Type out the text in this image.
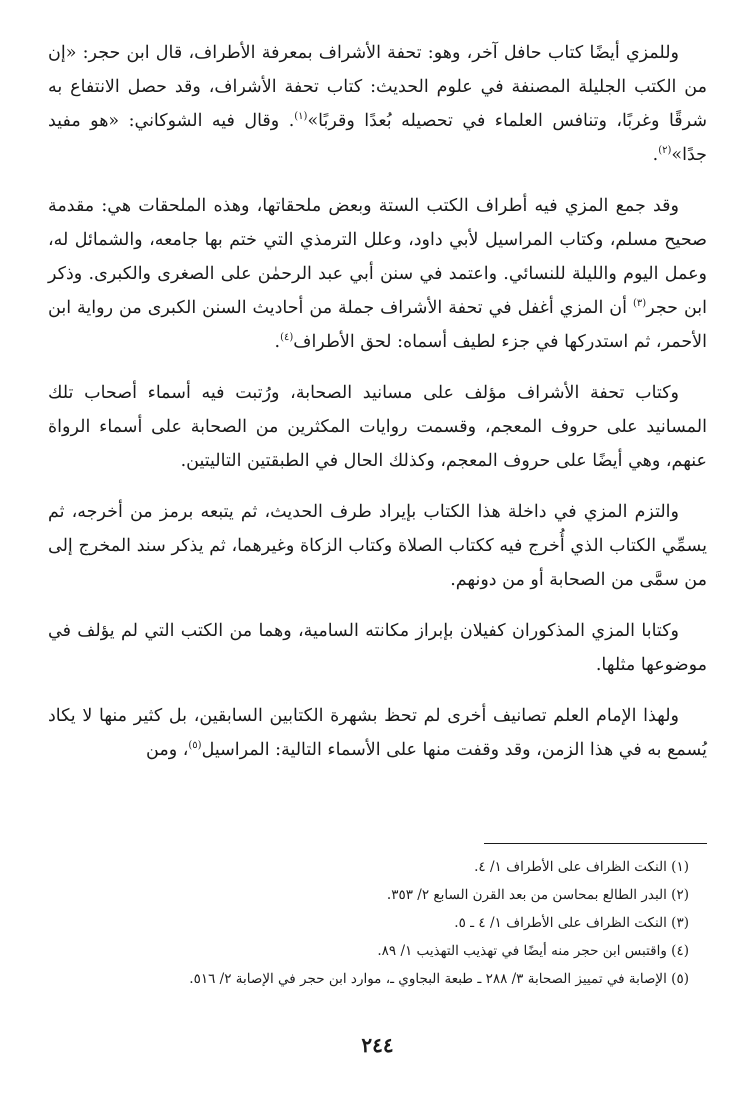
وللمزي أيضًا كتاب حافل آخر، وهو: تحفة الأشراف بمعرفة الأطراف، قال ابن حجر: «إن من الكتب الجليلة المصنفة في علوم الحديث: كتاب تحفة الأشراف، وقد حصل الانتفاع به شرقًا وغربًا، وتنافس العلماء في تحصيله بُعدًا وقربًا»$^{(١)}$. وقال فيه الشوكاني: «هو مفيد جدًا»$^{(٢)}$.

وقد جمع المزي فيه أطراف الكتب الستة وبعض ملحقاتها، وهذه الملحقات هي: مقدمة صحيح مسلم، وكتاب المراسيل لأبي داود، وعلل الترمذي التي ختم بها جامعه، والشمائل له، وعمل اليوم والليلة للنسائي. واعتمد في سنن أبي عبد الرحمٰن على الصغرى والكبرى. وذكر ابن حجر$^{(٣)}$ أن المزي أغفل في تحفة الأشراف جملة من أحاديث السنن الكبرى من رواية ابن الأحمر، ثم استدركها في جزء لطيف أسماه: لحق الأطراف$^{(٤)}$.

وكتاب تحفة الأشراف مؤلف على مسانيد الصحابة، ورُتبت فيه أسماء أصحاب تلك المسانيد على حروف المعجم، وقسمت روايات المكثرين من الصحابة على أسماء الرواة عنهم، وهي أيضًا على حروف المعجم، وكذلك الحال في الطبقتين التاليتين.

والتزم المزي في داخلة هذا الكتاب بإيراد طرف الحديث، ثم يتبعه برمز من أخرجه، ثم يسمِّي الكتاب الذي أُخرج فيه ككتاب الصلاة وكتاب الزكاة وغيرهما، ثم يذكر سند المخرج إلى من سمَّى من الصحابة أو من دونهم.

وكتابا المزي المذكوران كفيلان بإبراز مكانته السامية، وهما من الكتب التي لم يؤلف في موضوعها مثلها.

ولهذا الإمام العلم تصانيف أخرى لم تحظ بشهرة الكتابين السابقين، بل كثير منها لا يكاد يُسمع به في هذا الزمن، وقد وقفت منها على الأسماء التالية: المراسيل$^{(٥)}$، ومن

(١) النكت الظراف على الأطراف ١/ ٤.
(٢) البدر الطالع بمحاسن من بعد القرن السابع ٢/ ٣٥٣.
(٣) النكت الظراف على الأطراف ١/ ٤ ـ ٥.
(٤) واقتبس ابن حجر منه أيضًا في تهذيب التهذيب ١/ ٨٩.
(٥) الإصابة في تمييز الصحابة ٣/ ٢٨٨ ـ طبعة البجاوي ـ، موارد ابن حجر في الإصابة ٢/ ٥١٦.
٢٤٤
